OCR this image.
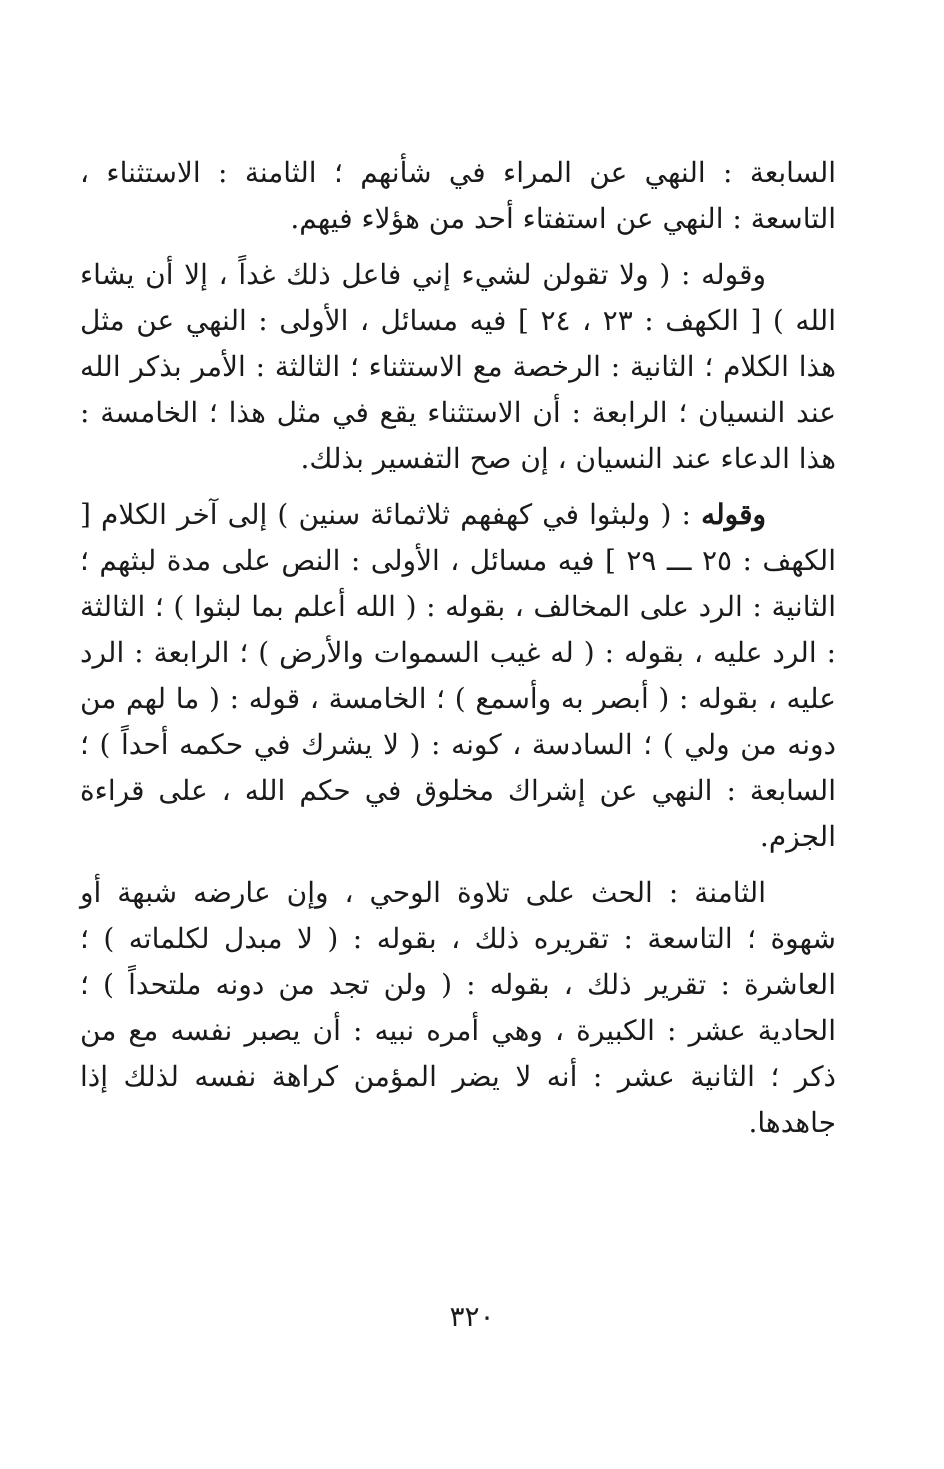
السابعة : النهي عن المراء في شأنهم ؛ الثامنة : الاستثناء ، التاسعة : النهي عن استفتاء أحد من هؤلاء فيهم.

وقوله : ( ولا تقولن لشيء إني فاعل ذلك غداً ، إلا أن يشاء الله ) [ الكهف : ٢٣ ، ٢٤ ] فيه مسائل ، الأولى : النهي عن مثل هذا الكلام ؛ الثانية : الرخصة مع الاستثناء ؛ الثالثة : الأمر بذكر الله عند النسيان ؛ الرابعة : أن الاستثناء يقع في مثل هذا ؛ الخامسة : هذا الدعاء عند النسيان ، إن صح التفسير بذلك.

وقوله : ( ولبثوا في كهفهم ثلاثمائة سنين ) إلى آخر الكلام [ الكهف : ٢٥ ـــ ٢٩ ] فيه مسائل ، الأولى : النص على مدة لبثهم ؛ الثانية : الرد على المخالف ، بقوله : ( الله أعلم بما لبثوا ) ؛ الثالثة : الرد عليه ، بقوله : ( له غيب السموات والأرض ) ؛ الرابعة : الرد عليه ، بقوله : ( أبصر به وأسمع ) ؛ الخامسة ، قوله : ( ما لهم من دونه من ولي ) ؛ السادسة ، كونه : ( لا يشرك في حكمه أحداً ) ؛ السابعة : النهي عن إشراك مخلوق في حكم الله ، على قراءة الجزم.

الثامنة : الحث على تلاوة الوحي ، وإن عارضه شبهة أو شهوة ؛ التاسعة : تقريره ذلك ، بقوله : ( لا مبدل لكلماته ) ؛ العاشرة : تقرير ذلك ، بقوله : ( ولن تجد من دونه ملتحداً ) ؛ الحادية عشر : الكبيرة ، وهي أمره نبيه : أن يصبر نفسه مع من ذكر ؛ الثانية عشر : أنه لا يضر المؤمن كراهة نفسه لذلك إذا جاهدها.

٣٢٠
